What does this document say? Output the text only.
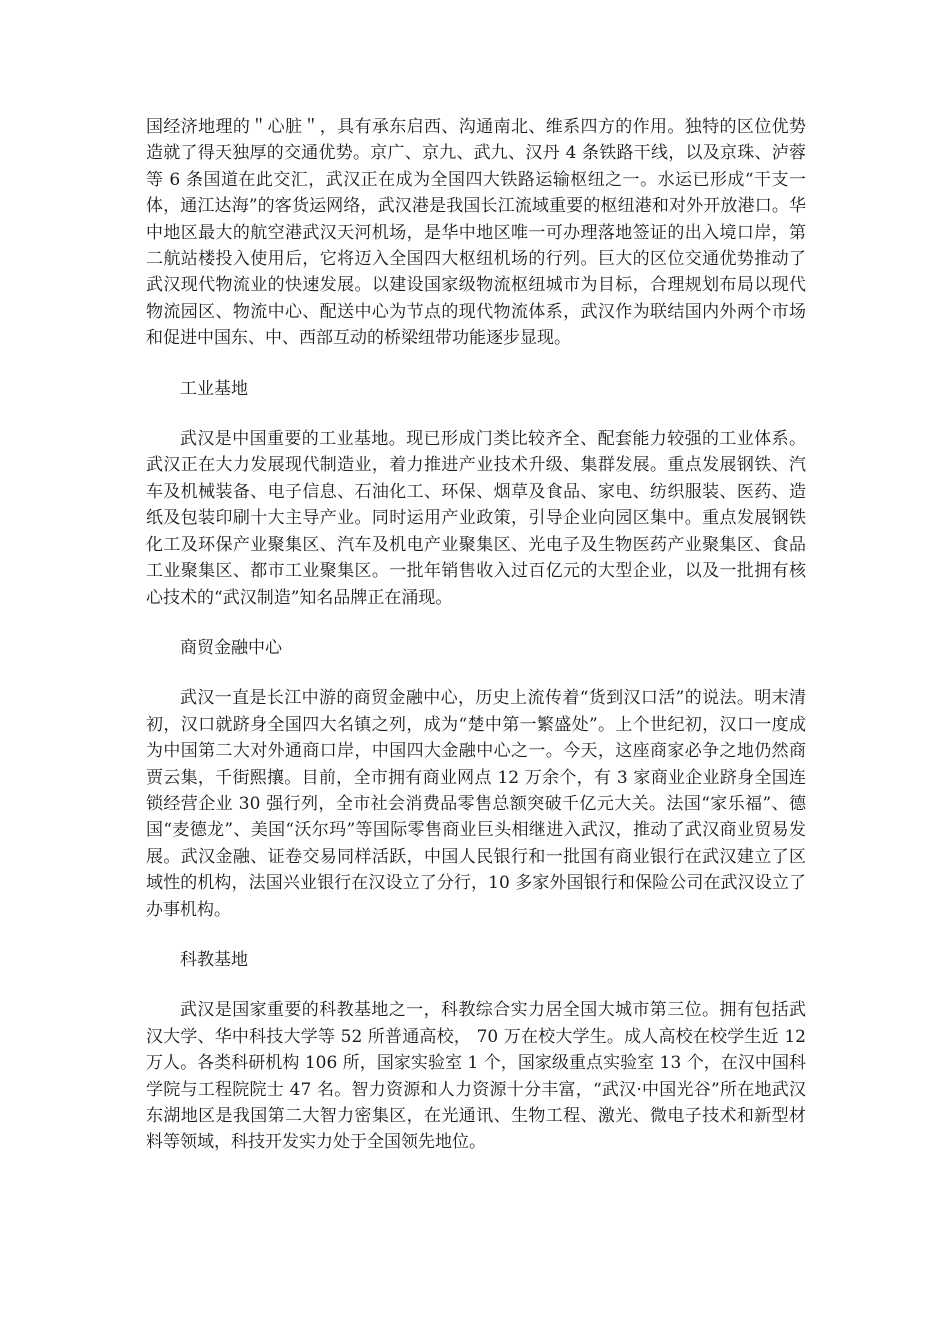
国经济地理的＂心脏＂，具有承东启西、沟通南北、维系四方的作用。独特的区位优势造就了得天独厚的交通优势。京广、京九、武九、汉丹 4 条铁路干线，以及京珠、泸蓉等 6 条国道在此交汇，武汉正在成为全国四大铁路运输枢纽之一。水运已形成“干支一体，通江达海”的客货运网络，武汉港是我国长江流域重要的枢纽港和对外开放港口。华中地区最大的航空港武汉天河机场，是华中地区唯一可办理落地签证的出入境口岸，第二航站楼投入使用后，它将迈入全国四大枢纽机场的行列。巨大的区位交通优势推动了武汉现代物流业的快速发展。以建设国家级物流枢纽城市为目标，合理规划布局以现代物流园区、物流中心、配送中心为节点的现代物流体系，武汉作为联结国内外两个市场和促进中国东、中、西部互动的桥梁纽带功能逐步显现。

工业基地

武汉是中国重要的工业基地。现已形成门类比较齐全、配套能力较强的工业体系。武汉正在大力发展现代制造业，着力推进产业技术升级、集群发展。重点发展钢铁、汽车及机械装备、电子信息、石油化工、环保、烟草及食品、家电、纺织服装、医药、造纸及包装印刷十大主导产业。同时运用产业政策，引导企业向园区集中。重点发展钢铁化工及环保产业聚集区、汽车及机电产业聚集区、光电子及生物医药产业聚集区、食品工业聚集区、都市工业聚集区。一批年销售收入过百亿元的大型企业，以及一批拥有核心技术的“武汉制造”知名品牌正在涌现。

商贸金融中心

武汉一直是长江中游的商贸金融中心，历史上流传着“货到汉口活”的说法。明末清初，汉口就跻身全国四大名镇之列，成为“楚中第一繁盛处”。上个世纪初，汉口一度成为中国第二大对外通商口岸，中国四大金融中心之一。今天，这座商家必争之地仍然商贾云集，千街熙攘。目前，全市拥有商业网点 12 万余个，有 3 家商业企业跻身全国连锁经营企业 30 强行列，全市社会消费品零售总额突破千亿元大关。法国“家乐福”、德国“麦德龙”、美国“沃尔玛”等国际零售商业巨头相继进入武汉，推动了武汉商业贸易发展。武汉金融、证卷交易同样活跃，中国人民银行和一批国有商业银行在武汉建立了区域性的机构，法国兴业银行在汉设立了分行，10 多家外国银行和保险公司在武汉设立了办事机构。

科教基地

武汉是国家重要的科教基地之一，科教综合实力居全国大城市第三位。拥有包括武汉大学、华中科技大学等 52 所普通高校， 70 万在校大学生。成人高校在校学生近 12 万人。各类科研机构 106 所，国家实验室 1 个，国家级重点实验室 13 个，在汉中国科学院与工程院院士 47 名。智力资源和人力资源十分丰富，“武汉·中国光谷”所在地武汉东湖地区是我国第二大智力密集区，在光通讯、生物工程、激光、微电子技术和新型材料等领域，科技开发实力处于全国领先地位。
